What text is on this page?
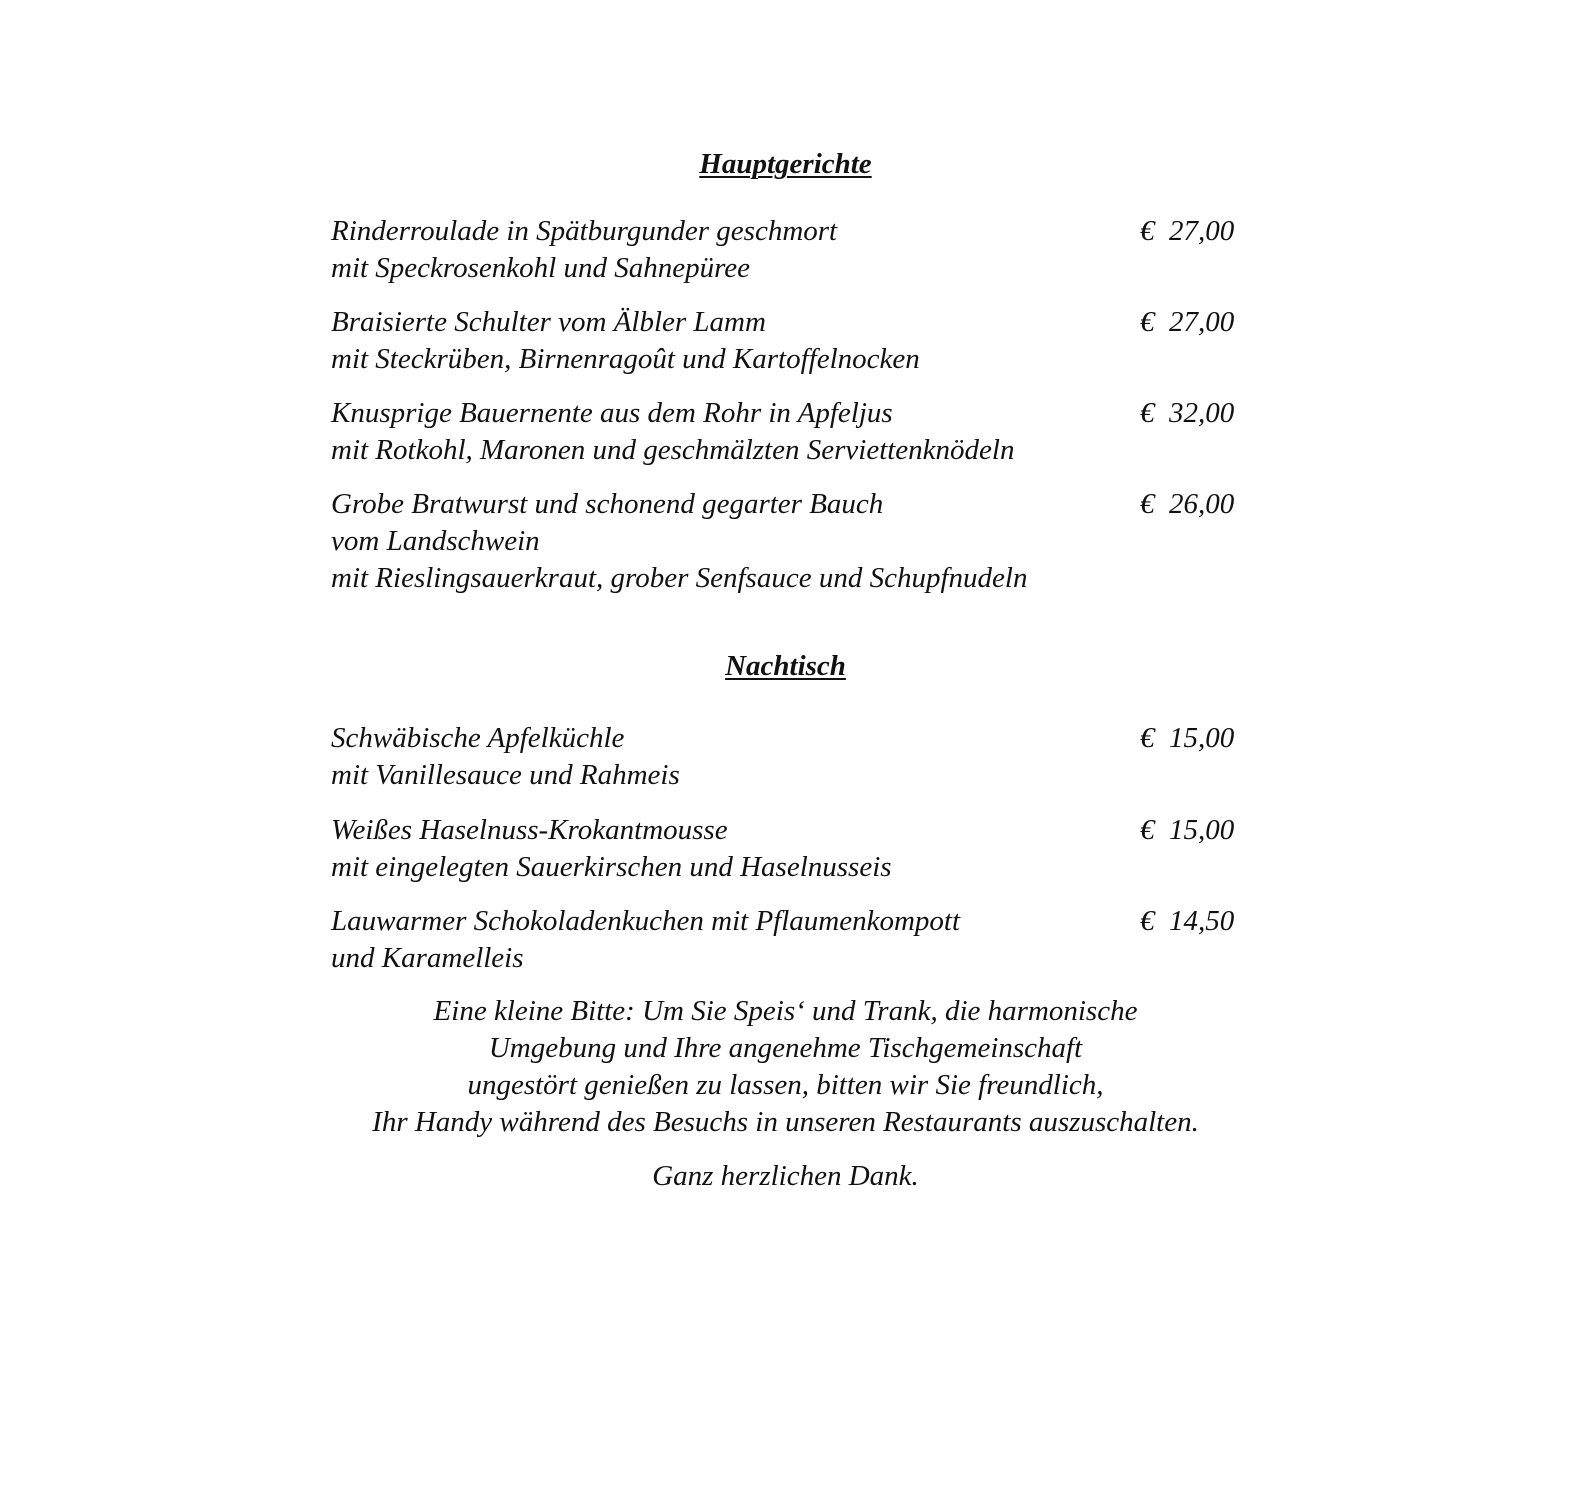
Hauptgerichte
Rinderroulade in Spätburgunder geschmort
mit Speckrosenkohl und Sahnepüree
€  27,00
Braisierte Schulter vom Älbler Lamm
mit Steckrüben, Birnenragoût und Kartoffelnocken
€  27,00
Knusprige Bauernente aus dem Rohr in Apfeljus
mit Rotkohl, Maronen und geschmälzten Serviettenknödeln
€  32,00
Grobe Bratwurst und schonend gegarter Bauch
vom Landschwein
mit Rieslingsauerkraut, grober Senfsauce und Schupfnudeln
€  26,00
Nachtisch
Schwäbische Apfelküchle
mit Vanillesauce und Rahmeis
€  15,00
Weißes Haselnuss-Krokantmousse
mit eingelegten Sauerkirschen und Haselnusseis
€  15,00
Lauwarmer Schokoladenkuchen mit Pflaumenkompott
und Karamelleis
€  14,50
Eine kleine Bitte: Um Sie Speis‘ und Trank, die harmonische
Umgebung und Ihre angenehme Tischgemeinschaft
ungestört genießen zu lassen, bitten wir Sie freundlich,
Ihr Handy während des Besuchs in unseren Restaurants auszuschalten.
Ganz herzlichen Dank.
